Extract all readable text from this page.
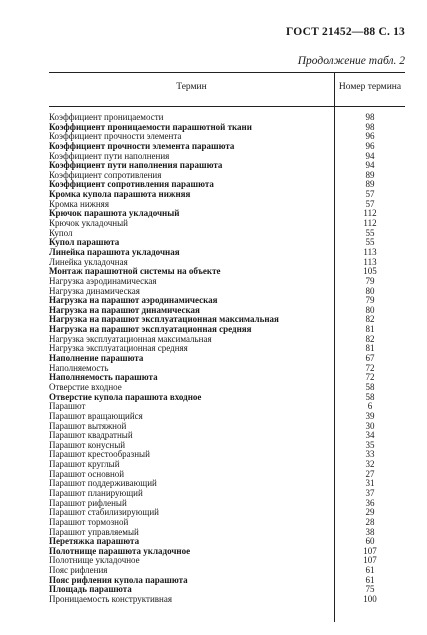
ГОСТ 21452—88 С. 13
Продолжение табл. 2
Термин	Номер термина
Коэффициент проницаемости	98
Коэффициент проницаемости парашютной ткани	98
Коэффициент прочности элемента	96
Коэффициент прочности элемента парашюта	96
Коэффициент пути наполнения	94
Коэффициент пути наполнения парашюта	94
Коэффициент сопротивления	89
Коэффициент сопротивления парашюта	89
Кромка купола парашюта нижняя	57
Кромка нижняя	57
Крючок парашюта укладочный	112
Крючок укладочный	112
Купол	55
Купол парашюта	55
Линейка парашюта укладочная	113
Линейка укладочная	113
Монтаж парашютной системы на объекте	105
Нагрузка аэродинамическая	79
Нагрузка динамическая	80
Нагрузка на парашют аэродинамическая	79
Нагрузка на парашют динамическая	80
Нагрузка на парашют эксплуатационная максимальная	82
Нагрузка на парашют эксплуатационная средняя	81
Нагрузка эксплуатационная максимальная	82
Нагрузка эксплуатационная средняя	81
Наполнение парашюта	67
Наполняемость	72
Наполняемость парашюта	72
Отверстие входное	58
Отверстие купола парашюта входное	58
Парашют	6
Парашют вращающийся	39
Парашют вытяжной	30
Парашют квадратный	34
Парашют конусный	35
Парашют крестообразный	33
Парашют круглый	32
Парашют основной	27
Парашют поддерживающий	31
Парашют планирующий	37
Парашют рифленый	36
Парашют стабилизирующий	29
Парашют тормозной	28
Парашют управляемый	38
Перетяжка парашюта	60
Полотнище парашюта укладочное	107
Полотнище укладочное	107
Пояс рифления	61
Пояс рифления купола парашюта	61
Площадь парашюта	75
Проницаемость конструктивная	100
